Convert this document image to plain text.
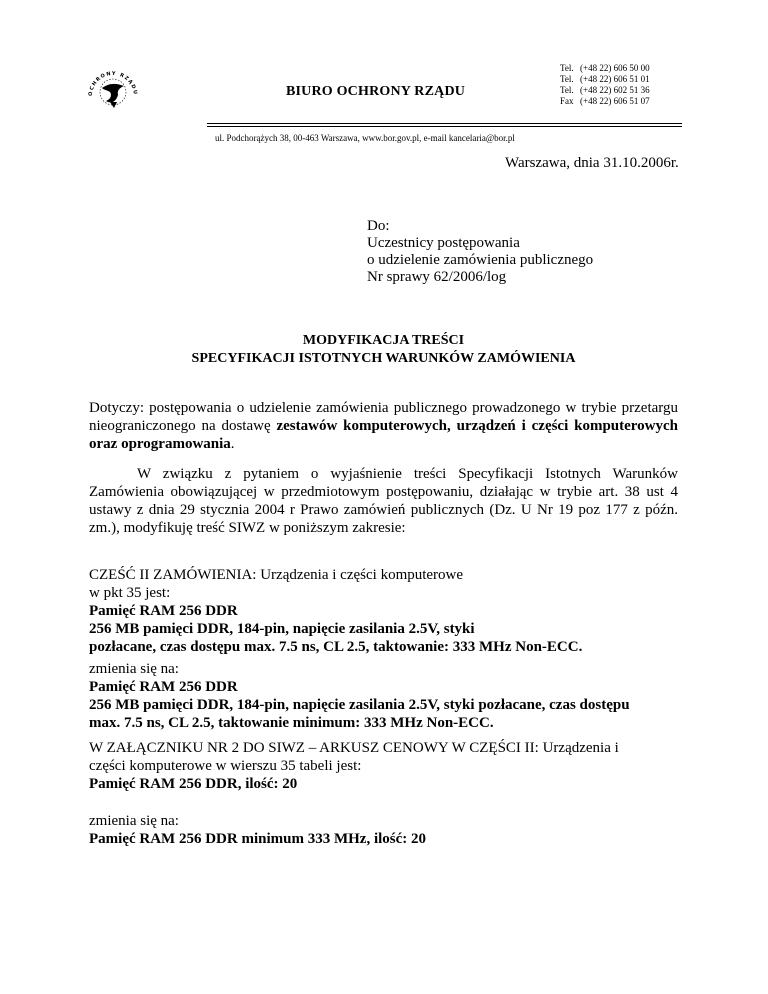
OCHRONY RZĄDU	BIURO OCHRONY RZĄDU
Tel. (+48 22) 606 50 00
Tel. (+48 22) 606 51 01
Tel. (+48 22) 602 51 36
Fax (+48 22) 606 51 07
ul. Podchorążych 38, 00-463 Warszawa, www.bor.gov.pl, e-mail kancelaria@bor.pl
Warszawa, dnia 31.10.2006r.
Do:
Uczestnicy postępowania
o udzielenie zamówienia publicznego
Nr sprawy 62/2006/log
MODYFIKACJA TREŚCI
SPECYFIKACJI ISTOTNYCH WARUNKÓW ZAMÓWIENIA
Dotyczy: postępowania o udzielenie zamówienia publicznego prowadzonego w trybie przetargu nieograniczonego na dostawę zestawów komputerowych, urządzeń i części komputerowych oraz oprogramowania.
W związku z pytaniem o wyjaśnienie treści Specyfikacji Istotnych Warunków Zamówienia obowiązującej w przedmiotowym postępowaniu, działając w trybie art. 38 ust 4 ustawy z dnia 29 stycznia 2004 r Prawo zamówień publicznych (Dz. U Nr 19 poz 177 z późn. zm.), modyfikuję treść SIWZ w poniższym zakresie:
CZEŚĆ II ZAMÓWIENIA: Urządzenia i części komputerowe
w pkt 35 jest:
Pamięć RAM 256 DDR
256 MB pamięci DDR, 184-pin, napięcie zasilania 2.5V, styki
pozłacane, czas dostępu max. 7.5 ns, CL 2.5, taktowanie: 333 MHz Non-ECC.
zmienia się na:
Pamięć RAM 256 DDR
256 MB pamięci DDR, 184-pin, napięcie zasilania 2.5V, styki pozłacane, czas dostępu
max. 7.5 ns, CL 2.5, taktowanie minimum: 333 MHz Non-ECC.
W ZAŁĄCZNIKU NR 2 DO SIWZ – ARKUSZ CENOWY W CZĘŚCI II: Urządzenia i
części komputerowe w wierszu 35 tabeli jest:
Pamięć RAM 256 DDR, ilość: 20
zmienia się na:
Pamięć RAM 256 DDR minimum 333 MHz, ilość: 20
